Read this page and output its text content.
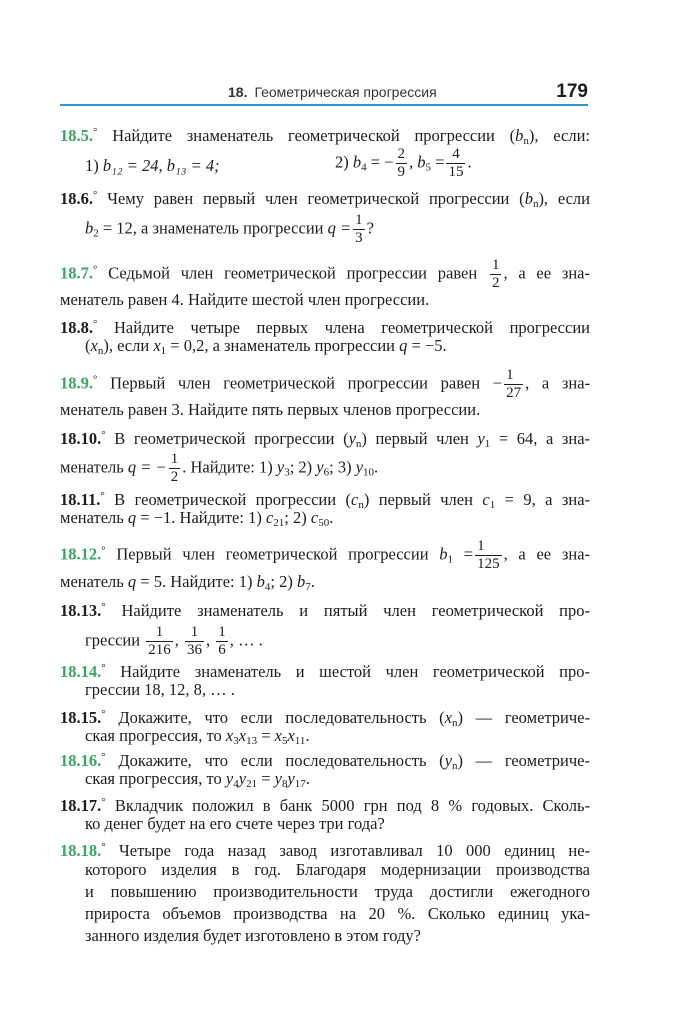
18. Геометрическая прогрессия	179
18.5.° Найдите знаменатель геометрической прогрессии $(b_n)$, если:
1) b₁₂ = 24, b₁₃ = 4;	2) $b_4$ = − $\frac{2}{9}$ , $b_5 = \frac{4}{15}$ .
18.6.° Чему равен первый член геометрической прогрессии $(b_n)$, если
$b_2 = 12$, а знаменатель прогрессии $q = \frac{1}{3}$ ?
18.7.° Седьмой член геометрической прогрессии равен $\frac{1}{2}$ , а ее зна-
менатель равен 4. Найдите шестой член прогрессии.
18.8.° Найдите четыре первых члена геометрической прогрессии
$(x_n)$, если $x_1 = 0,2$, а знаменатель прогрессии q = −5.
18.9.° Первый член геометрической прогрессии равен − $\frac{1}{27}$ , а зна-
менатель равен 3. Найдите пять первых членов прогрессии.
18.10.° В геометрической прогрессии $(y_n)$ первый член $y_1 = 64$, а зна-
менатель q = − $\frac{1}{2}$ . Найдите: 1) $y_3$; 2) $y_6$; 3) $y_{10}$.
18.11.° В геометрической прогрессии $(c_n)$ первый член $c_1 = 9$, а зна-
менатель q = −1. Найдите: 1) $c_{21}$; 2) $c_{50}$.
18.12.° Первый член геометрической прогрессии $b_1 = \frac{1}{125}$ , а ее зна-
менатель q = 5. Найдите: 1) $b_4$; 2) $b_7$.
18.13.° Найдите знаменатель и пятый член геометрической про-
грессии $\frac{1}{216}$ , $\frac{1}{36}$ , $\frac{1}{6}$ , … .
18.14.° Найдите знаменатель и шестой член геометрической про-
грессии 18, 12, 8, … .
18.15.° Докажите, что если последовательность $(x_n)$ — геометриче-
ская прогрессия, то $x_3x_{13} = x_5x_{11}$.
18.16.° Докажите, что если последовательность $(y_n)$ — геометриче-
ская прогрессия, то $y_4y_{21} = y_8y_{17}$.
18.17.° Вкладчик положил в банк 5000 грн под 8 % годовых. Сколь-
ко денег будет на его счете через три года?
18.18.° Четыре года назад завод изготавливал 10 000 единиц не-
которого изделия в год. Благодаря модернизации производства
и повышению производительности труда достигли ежегодного
прироста объемов производства на 20 %. Сколько единиц ука-
занного изделия будет изготовлено в этом году?
